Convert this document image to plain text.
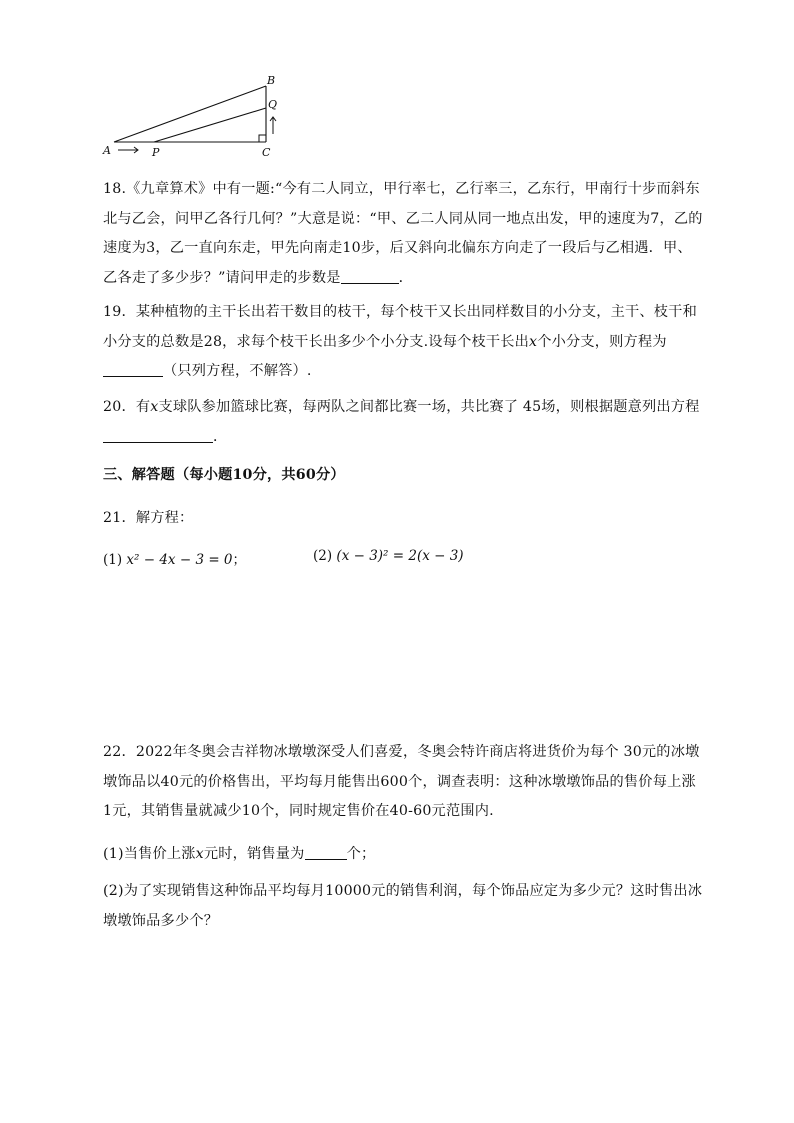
A	P	C
B
Q

18.《九章算术》中有一题:“今有二人同立，甲行率七，乙行率三，乙东行，甲南行十步而斜东北与乙会，问甲乙各行几何？”大意是说：“甲、乙二人同从同一地点出发，甲的速度为7，乙的速度为3，乙一直向东走，甲先向南走10步，后又斜向北偏东方向走了一段后与乙相遇．甲、乙各走了多少步？”请问甲走的步数是	．

19．某种植物的主干长出若干数目的枝干，每个枝干又长出同样数目的小分支，主干、枝干和小分支的总数是28，求每个枝干长出多少个小分支.设每个枝干长出x个小分支，则方程为（只列方程，不解答）.

20．有x支球队参加篮球比赛，每两队之间都比赛一场，共比赛了 45场，则根据题意列出方程．

三、解答题（每小题10分，共60分）

21．解方程：

(1) x² − 4x − 3 = 0；	(2) (x − 3)² = 2(x − 3)

22．2022年冬奥会吉祥物冰墩墩深受人们喜爱，冬奥会特许商店将进货价为每个 30元的冰墩墩饰品以40元的价格售出，平均每月能售出600个，调查表明：这种冰墩墩饰品的售价每上涨 1元，其销售量就减少10个，同时规定售价在40-60元范围内.

(1)当售价上涨x元时，销售量为	个；

(2)为了实现销售这种饰品平均每月10000元的销售利润，每个饰品应定为多少元？这时售出冰墩墩饰品多少个？
